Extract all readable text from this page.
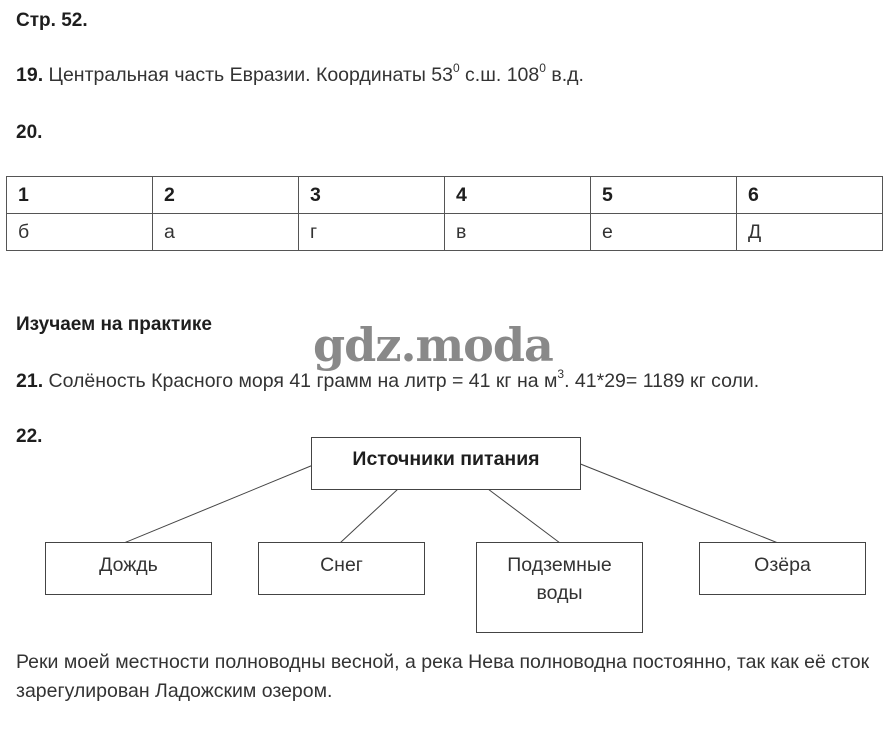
Стр. 52.
19. Центральная часть Евразии. Координаты $53^0$ с.ш. $108^0$ в.д.
20.
1	2	3	4	5	6
б	а	г	в	е	Д
Изучаем на практике gdz.moda
21. Солёность Красного моря 41 грамм на литр = 41 кг на $м^3$. 41*29= 1189 кг соли.
22.
Источники питания
Дождь	Снег	Подземные воды
Озёра
Реки моей местности полноводны весной, а река Нева полноводна постоянно, так как её сток зарегулирован Ладожским озером.
